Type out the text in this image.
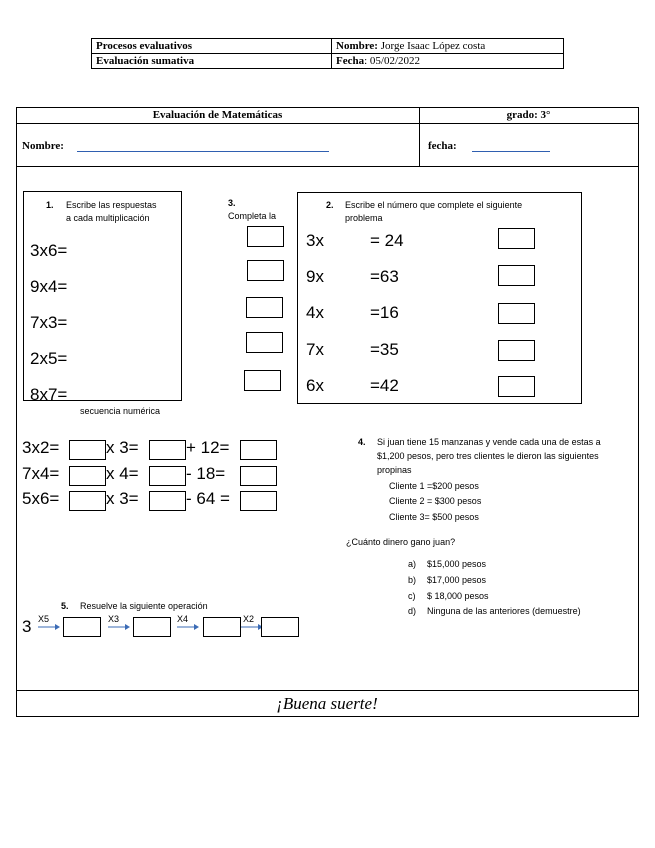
Procesos evaluativos	Nombre: Jorge Isaac López costa
Evaluación sumativa	Fecha: 05/02/2022
Evaluación de Matemáticas	grado: 3°
Nombre:	fecha:
1. Escribe las respuestas
a cada multiplicación
3x6=
9x4=
7x3=
2x5=
8x7=
3.
Completa la
secuencia numérica
2. Escribe el número que complete el siguiente
problema
3x	= 24
9x	=63
4x	=16
7x	=35
6x	=42
3x2=	x 3=	+ 12=
7x4=	x 4=	- 18=
5x6=	x 3=	- 64 =
4. Si juan tiene 15 manzanas y vende cada una de estas a
$1,200 pesos, pero tres clientes le dieron las siguientes
propinas
Cliente 1 =$200 pesos
Cliente 2 = $300 pesos
Cliente 3= $500 pesos
¿Cuánto dinero gano juan?
a) $15,000 pesos
b) $17,000 pesos
c) $ 18,000 pesos
d) Ninguna de las anteriores (demuestre)
5. Resuelve la siguiente operación
3 X5	X3	X4	X2
¡Buena suerte!
